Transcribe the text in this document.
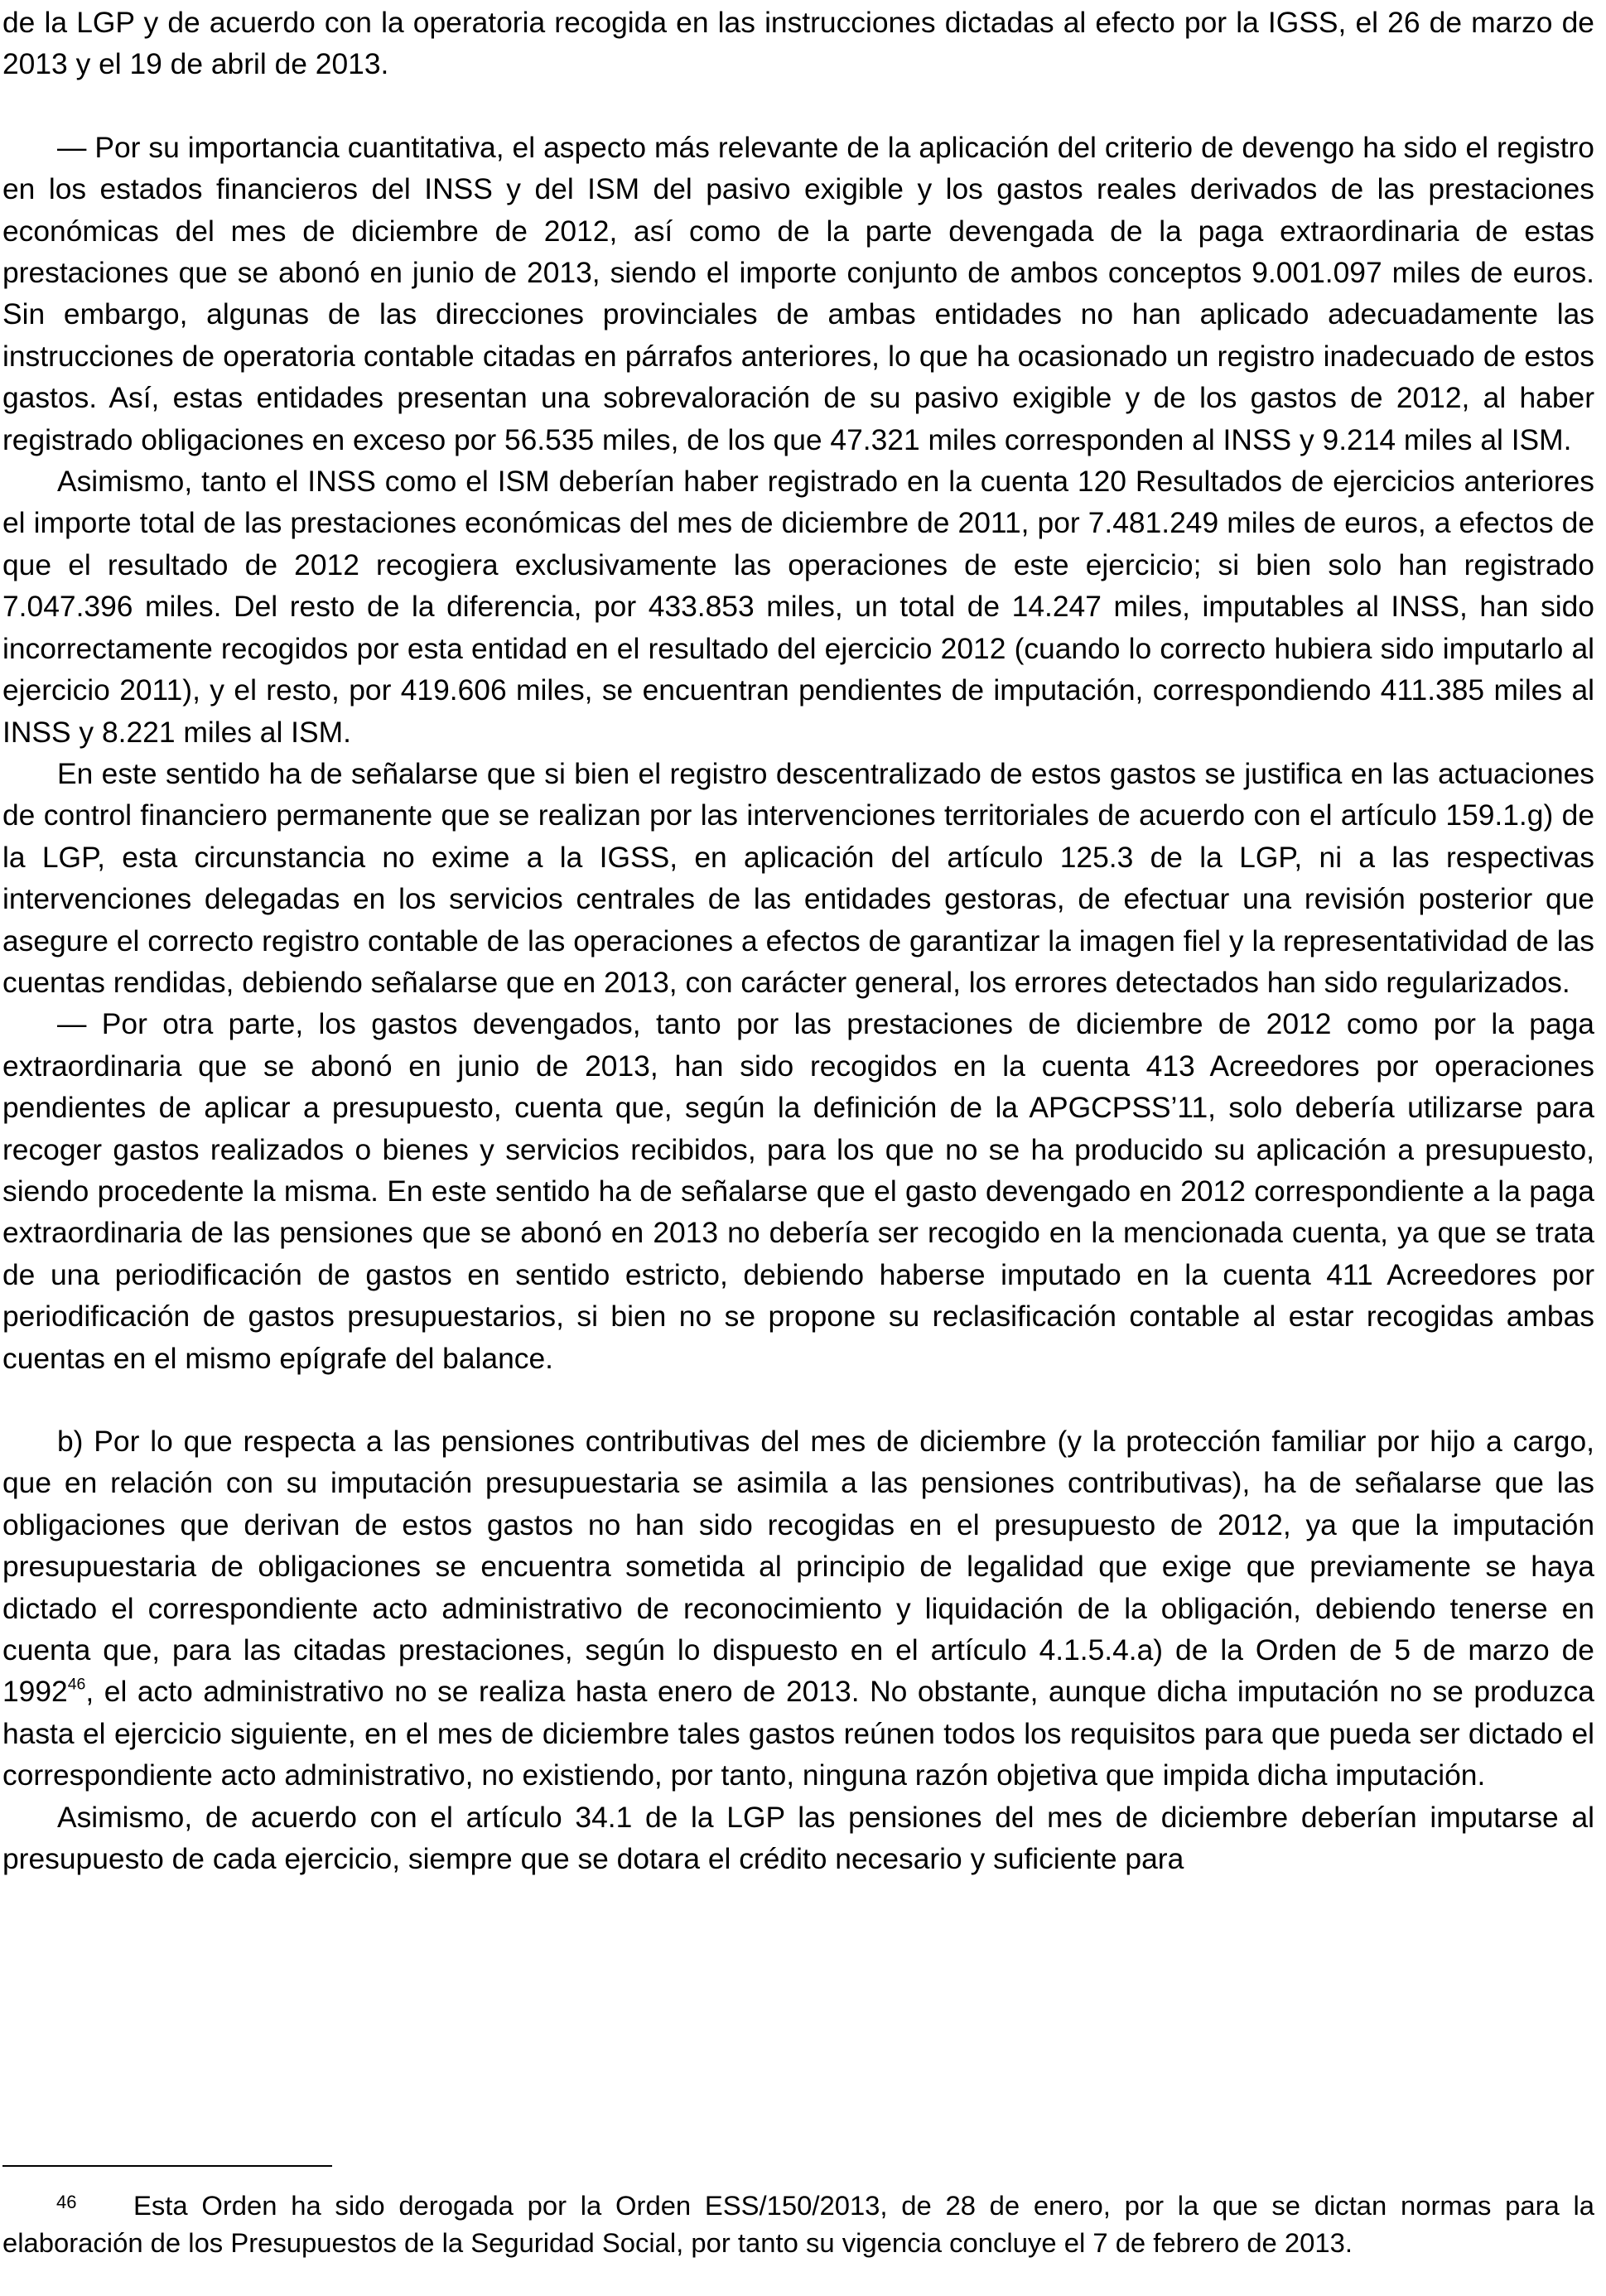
de la LGP y de acuerdo con la operatoria recogida en las instrucciones dictadas al efecto por la IGSS, el 26 de marzo de 2013 y el 19 de abril de 2013.

— Por su importancia cuantitativa, el aspecto más relevante de la aplicación del criterio de devengo ha sido el registro en los estados financieros del INSS y del ISM del pasivo exigible y los gastos reales derivados de las prestaciones económicas del mes de diciembre de 2012, así como de la parte devengada de la paga extraordinaria de estas prestaciones que se abonó en junio de 2013, siendo el importe conjunto de ambos conceptos 9.001.097 miles de euros. Sin embargo, algunas de las direcciones provinciales de ambas entidades no han aplicado adecuadamente las instrucciones de operatoria contable citadas en párrafos anteriores, lo que ha ocasionado un registro inadecuado de estos gastos. Así, estas entidades presentan una sobrevaloración de su pasivo exigible y de los gastos de 2012, al haber registrado obligaciones en exceso por 56.535 miles, de los que 47.321 miles corresponden al INSS y 9.214 miles al ISM.

Asimismo, tanto el INSS como el ISM deberían haber registrado en la cuenta 120 Resultados de ejercicios anteriores el importe total de las prestaciones económicas del mes de diciembre de 2011, por 7.481.249 miles de euros, a efectos de que el resultado de 2012 recogiera exclusivamente las operaciones de este ejercicio; si bien solo han registrado 7.047.396 miles. Del resto de la diferencia, por 433.853 miles, un total de 14.247 miles, imputables al INSS, han sido incorrectamente recogidos por esta entidad en el resultado del ejercicio 2012 (cuando lo correcto hubiera sido imputarlo al ejercicio 2011), y el resto, por 419.606 miles, se encuentran pendientes de imputación, correspondiendo 411.385 miles al INSS y 8.221 miles al ISM.

En este sentido ha de señalarse que si bien el registro descentralizado de estos gastos se justifica en las actuaciones de control financiero permanente que se realizan por las intervenciones territoriales de acuerdo con el artículo 159.1.g) de la LGP, esta circunstancia no exime a la IGSS, en aplicación del artículo 125.3 de la LGP, ni a las respectivas intervenciones delegadas en los servicios centrales de las entidades gestoras, de efectuar una revisión posterior que asegure el correcto registro contable de las operaciones a efectos de garantizar la imagen fiel y la representatividad de las cuentas rendidas, debiendo señalarse que en 2013, con carácter general, los errores detectados han sido regularizados.

— Por otra parte, los gastos devengados, tanto por las prestaciones de diciembre de 2012 como por la paga extraordinaria que se abonó en junio de 2013, han sido recogidos en la cuenta 413 Acreedores por operaciones pendientes de aplicar a presupuesto, cuenta que, según la definición de la APGCPSS’11, solo debería utilizarse para recoger gastos realizados o bienes y servicios recibidos, para los que no se ha producido su aplicación a presupuesto, siendo procedente la misma. En este sentido ha de señalarse que el gasto devengado en 2012 correspondiente a la paga extraordinaria de las pensiones que se abonó en 2013 no debería ser recogido en la mencionada cuenta, ya que se trata de una periodificación de gastos en sentido estricto, debiendo haberse imputado en la cuenta 411 Acreedores por periodificación de gastos presupuestarios, si bien no se propone su reclasificación contable al estar recogidas ambas cuentas en el mismo epígrafe del balance.

b) Por lo que respecta a las pensiones contributivas del mes de diciembre (y la protección familiar por hijo a cargo, que en relación con su imputación presupuestaria se asimila a las pensiones contributivas), ha de señalarse que las obligaciones que derivan de estos gastos no han sido recogidas en el presupuesto de 2012, ya que la imputación presupuestaria de obligaciones se encuentra sometida al principio de legalidad que exige que previamente se haya dictado el correspondiente acto administrativo de reconocimiento y liquidación de la obligación, debiendo tenerse en cuenta que, para las citadas prestaciones, según lo dispuesto en el artículo 4.1.5.4.a) de la Orden de 5 de marzo de 1992$^{46}$, el acto administrativo no se realiza hasta enero de 2013. No obstante, aunque dicha imputación no se produzca hasta el ejercicio siguiente, en el mes de diciembre tales gastos reúnen todos los requisitos para que pueda ser dictado el correspondiente acto administrativo, no existiendo, por tanto, ninguna razón objetiva que impida dicha imputación.

Asimismo, de acuerdo con el artículo 34.1 de la LGP las pensiones del mes de diciembre deberían imputarse al presupuesto de cada ejercicio, siempre que se dotara el crédito necesario y suficiente para

46 Esta Orden ha sido derogada por la Orden ESS/150/2013, de 28 de enero, por la que se dictan normas para la elaboración de los Presupuestos de la Seguridad Social, por tanto su vigencia concluye el 7 de febrero de 2013.
